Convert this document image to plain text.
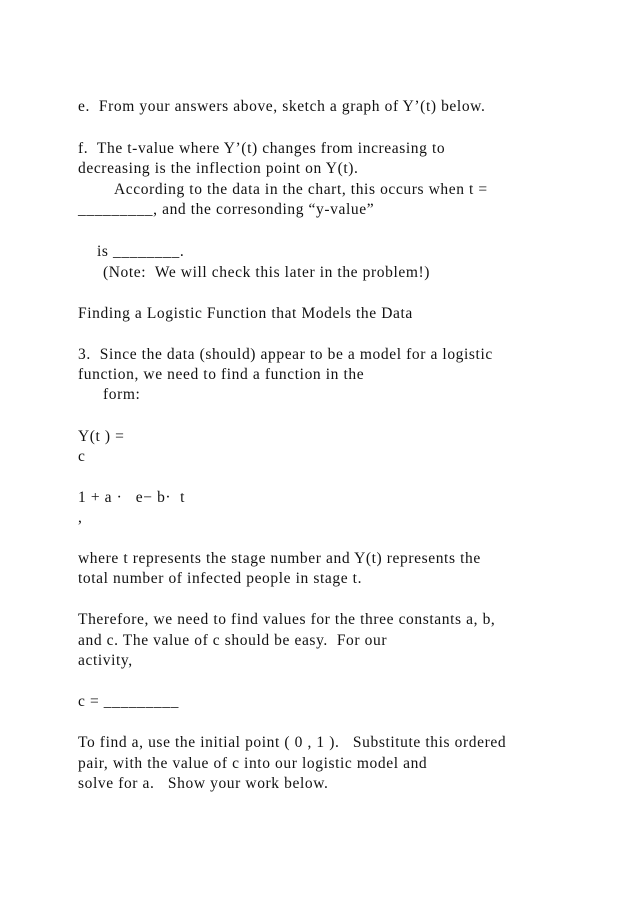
e.  From your answers above, sketch a graph of Y’(t) below.
f.  The t-value where Y’(t) changes from increasing to
decreasing is the inflection point on Y(t).
According to the data in the chart, this occurs when t =
_________, and the corresonding “y-value”
is ________.
(Note:  We will check this later in the problem!)
Finding a Logistic Function that Models the Data
3.  Since the data (should) appear to be a model for a logistic
function, we need to find a function in the
form:
Y(t ) =
c
1 + a ·   e− b·  t
,
where t represents the stage number and Y(t) represents the
total number of infected people in stage t.
Therefore, we need to find values for the three constants a, b,
and c. The value of c should be easy.  For our
activity,
c = _________
To find a, use the initial point ( 0 , 1 ).   Substitute this ordered
pair, with the value of c into our logistic model and
solve for a.   Show your work below.
